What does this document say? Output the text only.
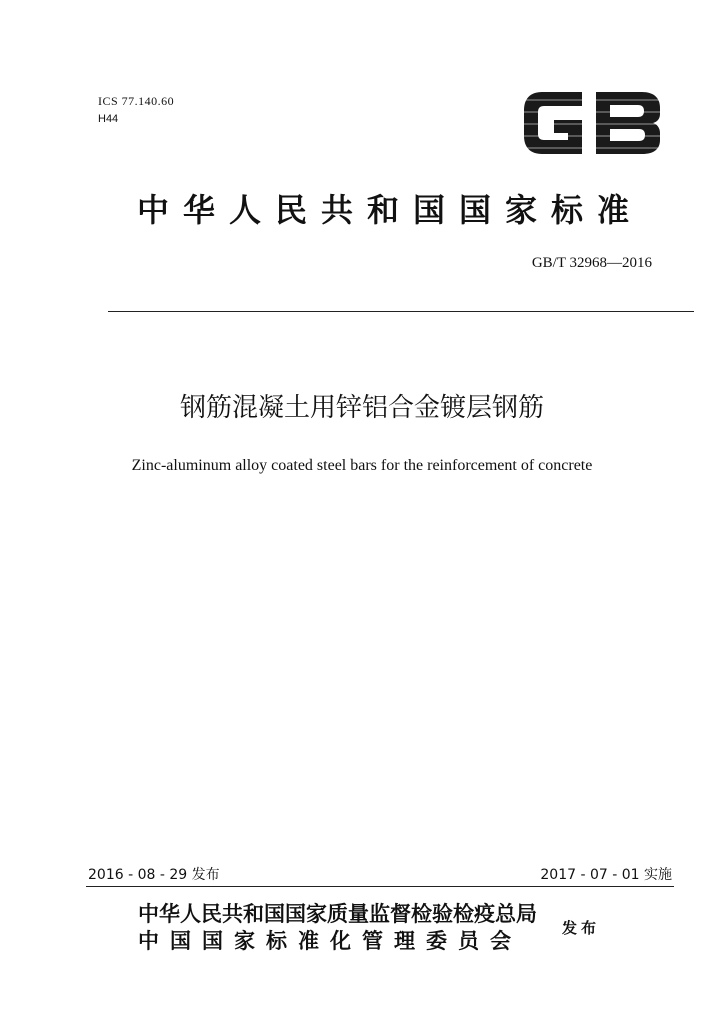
ICS 77.140.60
H44
中华人民共和国国家标准
GB/T 32968—2016
钢筋混凝土用锌铝合金镀层钢筋
Zinc-aluminum alloy coated steel bars for the reinforcement of concrete
2016 - 08 - 29 发布	2017 - 07 - 01 实施
中华人民共和国国家质量监督检验检疫总局
中国国家标准化管理委员会	发布
